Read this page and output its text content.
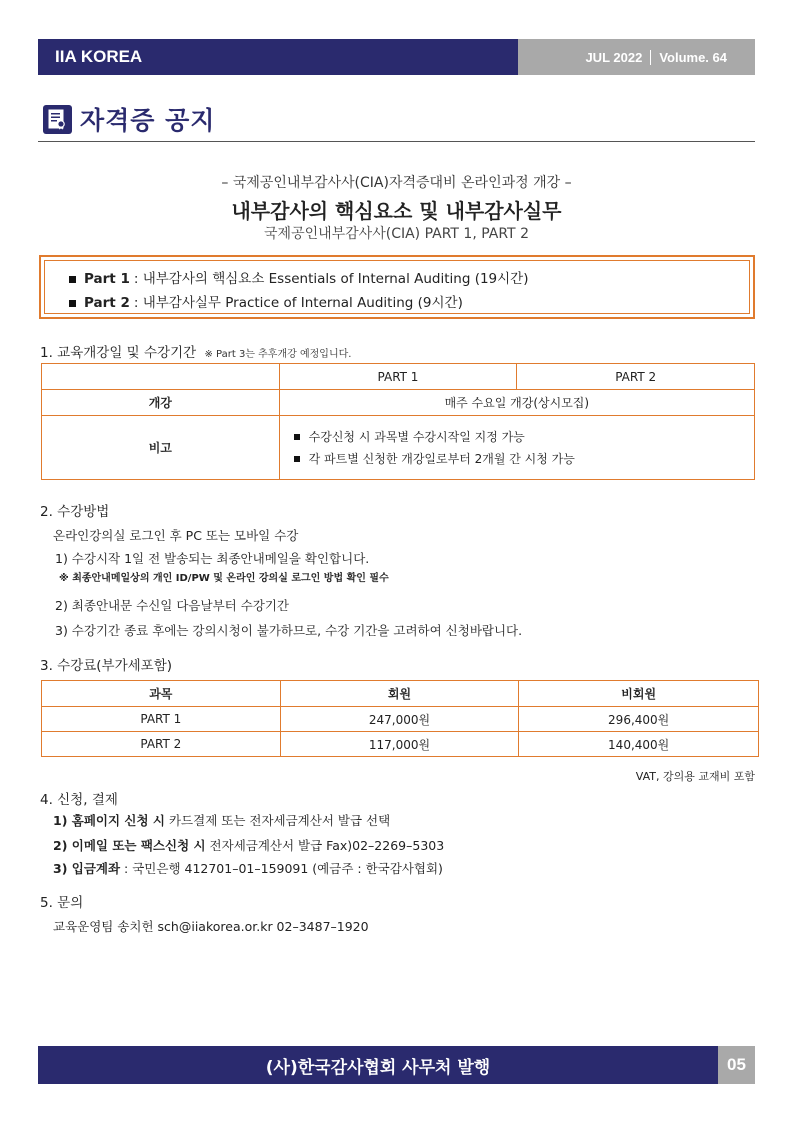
IIA KOREA	JUL 2022 Volume. 64
자격증 공지
– 국제공인내부감사사(CIA)자격증대비 온라인과정 개강 –
내부감사의 핵심요소 및 내부감사실무
국제공인내부감사사(CIA) PART 1, PART 2
Part 1 : 내부감사의 핵심요소 Essentials of Internal Auditing (19시간)
Part 2 : 내부감사실무 Practice of Internal Auditing (9시간)
1. 교육개강일 및 수강기간 ※ Part 3는 추후개강 예정입니다.
	PART 1	PART 2
개강	매주 수요일 개강(상시모집)	
비고	수강신청 시 과목별 수강시작일 지정 가능
각 파트별 신청한 개강일로부터 2개월 간 시청 가능	
2. 수강방법
온라인강의실 로그인 후 PC 또는 모바일 수강
1) 수강시작 1일 전 발송되는 최종안내메일을 확인합니다.
※ 최종안내메일상의 개인 ID/PW 및 온라인 강의실 로그인 방법 확인 필수
2) 최종안내문 수신일 다음날부터 수강기간
3) 수강기간 종료 후에는 강의시청이 불가하므로, 수강 기간을 고려하여 신청바랍니다.
3. 수강료(부가세포함)
과목	회원	비회원
PART 1	247,000원	296,400원
PART 2	117,000원	140,400원
VAT, 강의용 교재비 포함
4. 신청, 결제
1) 홈페이지 신청 시 카드결제 또는 전자세금계산서 발급 선택
2) 이메일 또는 팩스신청 시 전자세금계산서 발급 Fax)02–2269–5303
3) 입금계좌 : 국민은행 412701–01–159091 (예금주 : 한국감사협회)
5. 문의
교육운영팀 송치헌 sch@iiakorea.or.kr 02–3487–1920
(사)한국감사협회 사무처 발행	05
